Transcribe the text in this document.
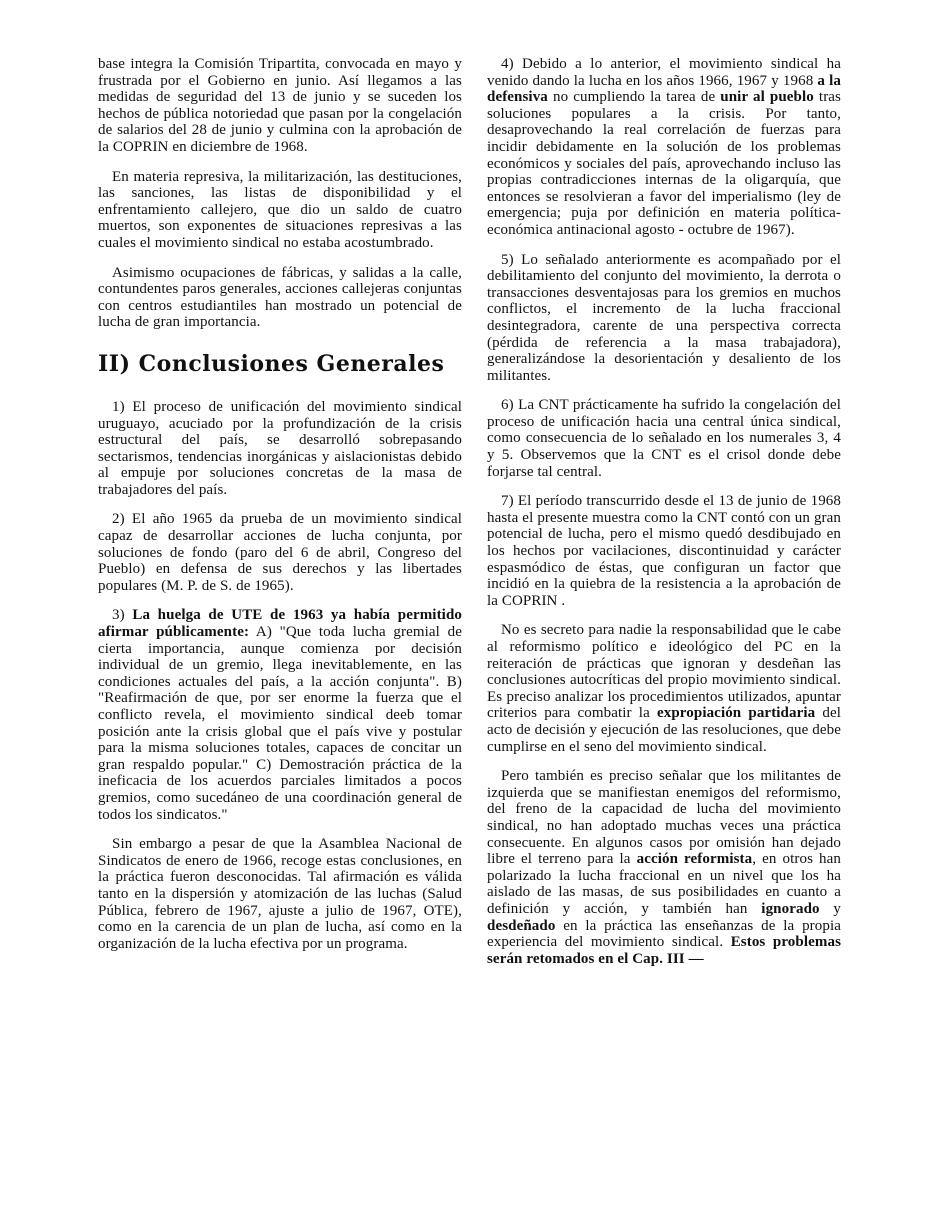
base integra la Comisión Tripartita, convocada en mayo y frustrada por el Gobierno en junio. Así llegamos a las medidas de seguridad del 13 de junio y se suceden los hechos de pública notoriedad que pasan por la congelación de salarios del 28 de junio y culmina con la aprobación de la COPRIN en diciembre de 1968.

En materia represiva, la militarización, las destituciones, las sanciones, las listas de disponibilidad y el enfrentamiento callejero, que dio un saldo de cuatro muertos, son exponentes de situaciones represivas a las cuales el movimiento sindical no estaba acostumbrado.

Asimismo ocupaciones de fábricas, y salidas a la calle, contundentes paros generales, acciones callejeras conjuntas con centros estudiantiles han mostrado un potencial de lucha de gran importancia.

II) Conclusiones Generales

1) El proceso de unificación del movimiento sindical uruguayo, acuciado por la profundización de la crisis estructural del país, se desarrolló sobrepasando sectarismos, tendencias inorgánicas y aislacionistas debido al empuje por soluciones concretas de la masa de trabajadores del país.

2) El año 1965 da prueba de un movimiento sindical capaz de desarrollar acciones de lucha conjunta, por soluciones de fondo (paro del 6 de abril, Congreso del Pueblo) en defensa de sus derechos y las libertades populares (M. P. de S. de 1965).

3) La huelga de UTE de 1963 ya había permitido afirmar públicamente: A) "Que toda lucha gremial de cierta importancia, aunque comienza por decisión individual de un gremio, llega inevitablemente, en las condiciones actuales del país, a la acción conjunta". B) "Reafirmación de que, por ser enorme la fuerza que el conflicto revela, el movimiento sindical deeb tomar posición ante la crisis global que el país vive y postular para la misma soluciones totales, capaces de concitar un gran respaldo popular." C) Demostración práctica de la ineficacia de los acuerdos parciales limitados a pocos gremios, como sucedáneo de una coordinación general de todos los sindicatos."

Sin embargo a pesar de que la Asamblea Nacional de Sindicatos de enero de 1966, recoge estas conclusiones, en la práctica fueron desconocidas. Tal afirmación es válida tanto en la dispersión y atomización de las luchas (Salud Pública, febrero de 1967, ajuste a julio de 1967, OTE), como en la carencia de un plan de lucha, así como en la organización de la lucha efectiva por un programa.

4) Debido a lo anterior, el movimiento sindical ha venido dando la lucha en los años 1966, 1967 y 1968 a la defensiva no cumpliendo la tarea de unir al pueblo tras soluciones populares a la crisis. Por tanto, desaprovechando la real correlación de fuerzas para incidir debidamente en la solución de los problemas económicos y sociales del país, aprovechando incluso las propias contradicciones internas de la oligarquía, que entonces se resolvieran a favor del imperialismo (ley de emergencia; puja por definición en materia política-económica antinacional agosto - octubre de 1967).

5) Lo señalado anteriormente es acompañado por el debilitamiento del conjunto del movimiento, la derrota o transacciones desventajosas para los gremios en muchos conflictos, el incremento de la lucha fraccional desintegradora, carente de una perspectiva correcta (pérdida de referencia a la masa trabajadora), generalizándose la desorientación y desaliento de los militantes.

6) La CNT prácticamente ha sufrido la congelación del proceso de unificación hacia una central única sindical, como consecuencia de lo señalado en los numerales 3, 4 y 5. Observemos que la CNT es el crisol donde debe forjarse tal central.

7) El período transcurrido desde el 13 de junio de 1968 hasta el presente muestra como la CNT contó con un gran potencial de lucha, pero el mismo quedó desdibujado en los hechos por vacilaciones, discontinuidad y carácter espasmódico de éstas, que configuran un factor que incidió en la quiebra de la resistencia a la aprobación de la COPRIN .

No es secreto para nadie la responsabilidad que le cabe al reformismo político e ideológico del PC en la reiteración de prácticas que ignoran y desdeñan las conclusiones autocríticas del propio movimiento sindical. Es preciso analizar los procedimientos utilizados, apuntar criterios para combatir la expropiación partidaria del acto de decisión y ejecución de las resoluciones, que debe cumplirse en el seno del movimiento sindical.

Pero también es preciso señalar que los militantes de izquierda que se manifiestan enemigos del reformismo, del freno de la capacidad de lucha del movimiento sindical, no han adoptado muchas veces una práctica consecuente. En algunos casos por omisión han dejado libre el terreno para la acción reformista, en otros han polarizado la lucha fraccional en un nivel que los ha aislado de las masas, de sus posibilidades en cuanto a definición y acción, y también han ignorado y desdeñado en la práctica las enseñanzas de la propia experiencia del movimiento sindical. Estos problemas serán retomados en el Cap. III —
